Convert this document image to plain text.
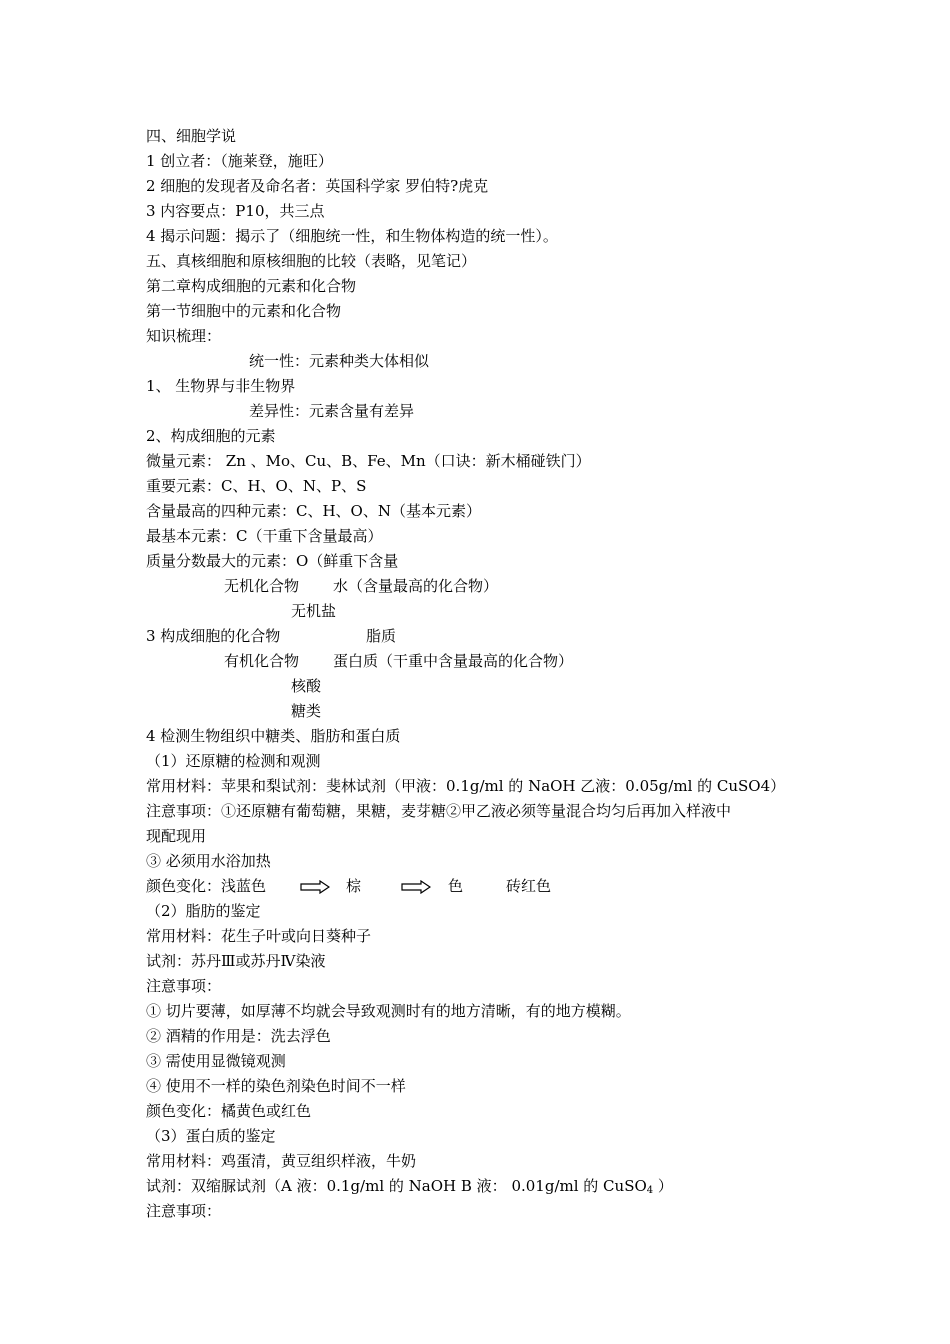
四、细胞学说
1 创立者：（施莱登，施旺）
2 细胞的发现者及命名者：英国科学家 罗伯特?虎克
3 内容要点：P10，共三点
4 揭示问题：揭示了（细胞统一性，和生物体构造的统一性）。
五、真核细胞和原核细胞的比较（表略，见笔记）
第二章构成细胞的元素和化合物
第一节细胞中的元素和化合物
知识梳理：
统一性：元素种类大体相似
1、 生物界与非生物界
差异性：元素含量有差异
2、构成细胞的元素
微量元素： Zn 、Mo、Cu、B、Fe、Mn（口诀：新木桶碰铁门）
重要元素：C、H、O、N、P、S
含量最高的四种元素：C、H、O、N（基本元素）
最基本元素：C（干重下含量最高）
质量分数最大的元素：O（鲜重下含量
无机化合物 水（含量最高的化合物）
无机盐
3 构成细胞的化合物	脂质
有机化合物 蛋白质（干重中含量最高的化合物）
核酸
糖类
4 检测生物组织中糖类、脂肪和蛋白质
（1）还原糖的检测和观测
常用材料：苹果和梨试剂：斐林试剂（甲液：0.1g/ml 的 NaOH 乙液：0.05g/ml 的 CuSO4）
注意事项：①还原糖有葡萄糖，果糖，麦芽糖②甲乙液必须等量混合均匀后再加入样液中
现配现用
③ 必须用水浴加热
颜色变化：浅蓝色	棕	色	砖红色
（2）脂肪的鉴定
常用材料：花生子叶或向日葵种子
试剂：苏丹Ⅲ或苏丹Ⅳ染液
注意事项：
① 切片要薄，如厚薄不均就会导致观测时有的地方清晰，有的地方模糊。
② 酒精的作用是：洗去浮色
③ 需使用显微镜观测
④ 使用不一样的染色剂染色时间不一样
颜色变化：橘黄色或红色
（3）蛋白质的鉴定
常用材料：鸡蛋清，黄豆组织样液，牛奶
试剂：双缩脲试剂（A 液：0.1g/ml 的 NaOH B 液： 0.01g/ml 的 CuSO$_4$ ）
注意事项：
